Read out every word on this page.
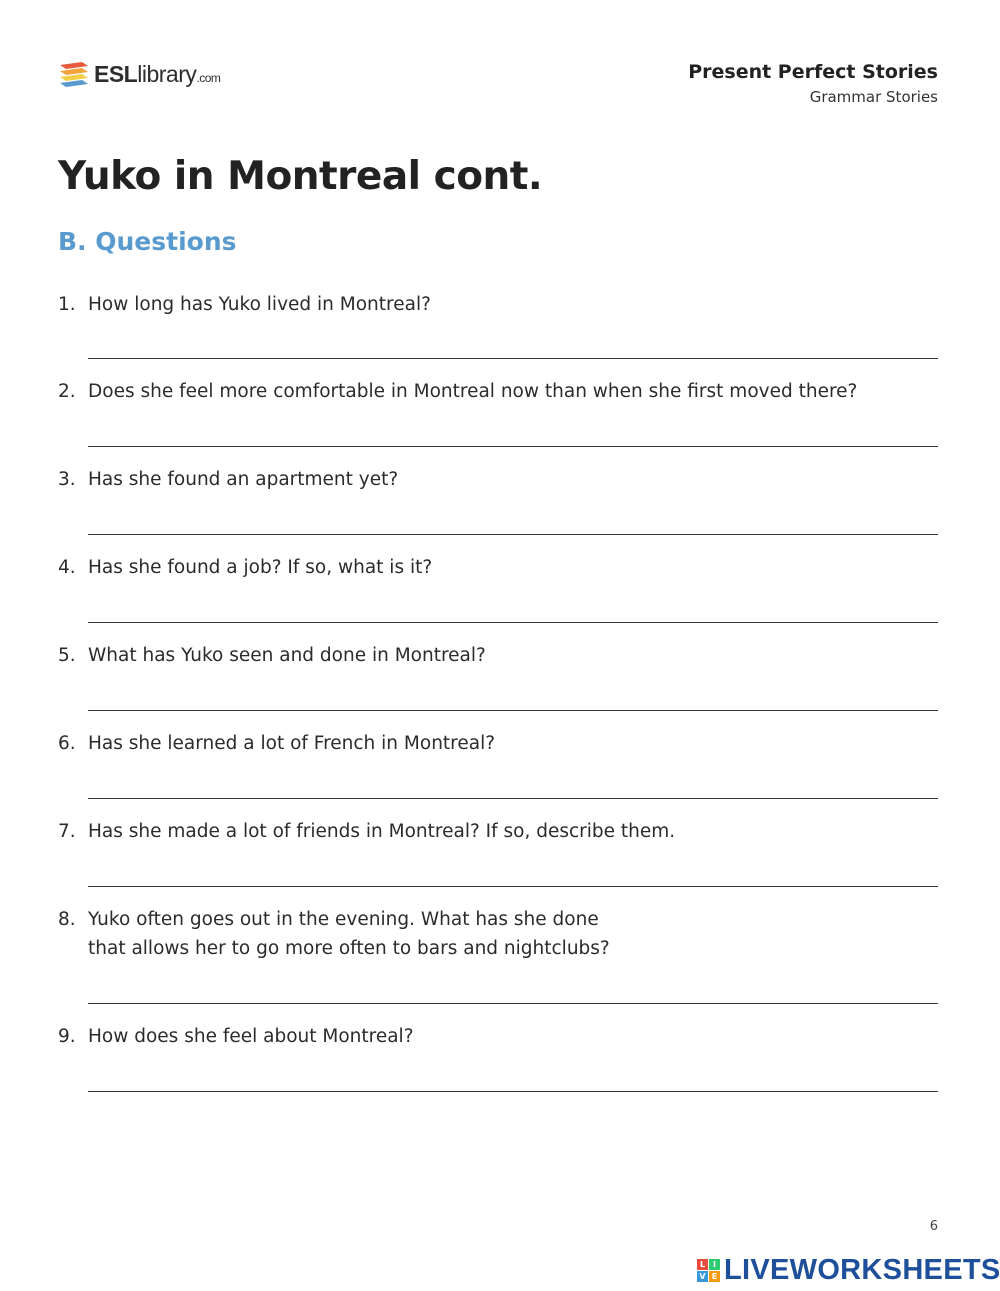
ESLlibrary.com	Present Perfect Stories
Grammar Stories
Yuko in Montreal cont.
B. Questions
1. How long has Yuko lived in Montreal?
2. Does she feel more comfortable in Montreal now than when she first moved there?
3. Has she found an apartment yet?
4. Has she found a job? If so, what is it?
5. What has Yuko seen and done in Montreal?
6. Has she learned a lot of French in Montreal?
7. Has she made a lot of friends in Montreal? If so, describe them.
8. Yuko often goes out in the evening. What has she done
that allows her to go more often to bars and nightclubs?
9. How does she feel about Montreal?
6
L I
V E LIVEWORKSHEETS
